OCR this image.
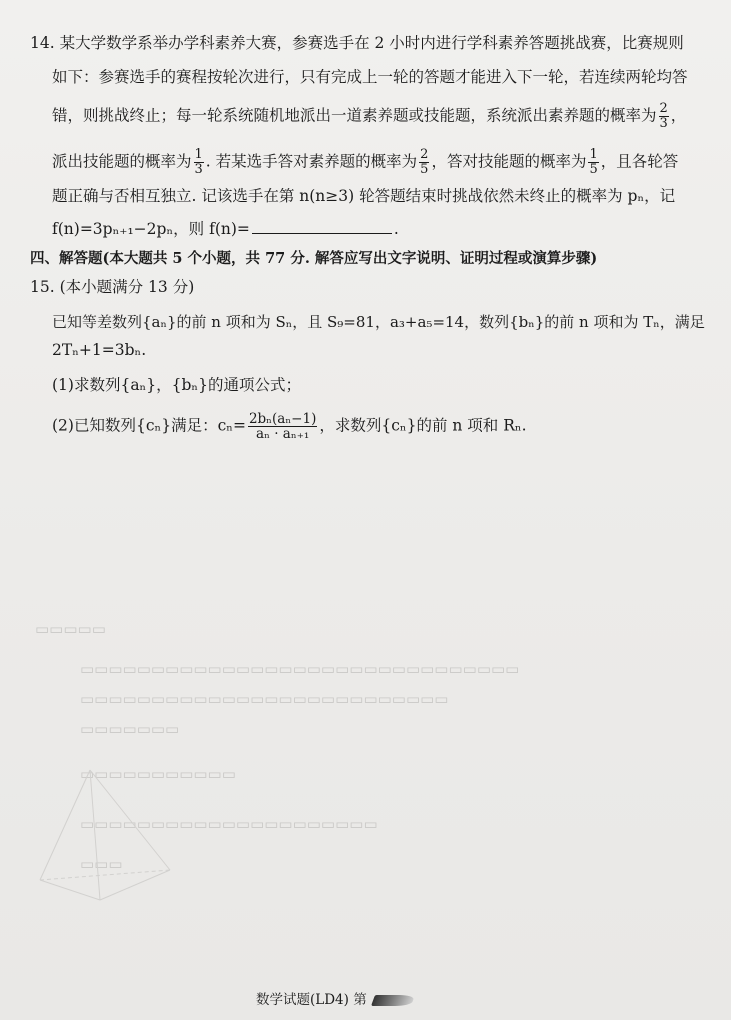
▭▭▭▭▭
▭▭▭▭▭▭▭▭▭▭▭▭▭▭▭▭▭▭▭▭▭▭▭▭▭▭▭▭▭▭▭
▭▭▭▭▭▭▭▭▭▭▭▭▭▭▭▭▭▭▭▭▭▭▭▭▭▭
▭▭▭▭▭▭▭
▭▭▭▭▭▭▭▭▭▭▭
▭▭▭▭▭▭▭▭▭▭▭▭▭▭▭▭▭▭▭▭▭
▭▭▭
14. 某大学数学系举办学科素养大赛，参赛选手在 2 小时内进行学科素养答题挑战赛，比赛规则
如下：参赛选手的赛程按轮次进行，只有完成上一轮的答题才能进入下一轮，若连续两轮均答
错，则挑战终止；每一轮系统随机地派出一道素养题或技能题，系统派出素养题的概率为 $\frac{2}{3}$ ，
派出技能题的概率为 $\frac{1}{3}$ . 若某选手答对素养题的概率为 $\frac{2}{5}$ ，答对技能题的概率为 $\frac{1}{5}$ ，且各轮答
题正确与否相互独立. 记该选手在第 n(n≥3) 轮答题结束时挑战依然未终止的概率为 pₙ，记
f(n)=3pₙ₊₁−2pₙ，则 f(n)=	.
四、解答题(本大题共 5 个小题，共 77 分. 解答应写出文字说明、证明过程或演算步骤)
15. (本小题满分 13 分)
已知等差数列{aₙ}的前 n 项和为 Sₙ，且 S₉=81，a₃+a₅=14，数列{bₙ}的前 n 项和为 Tₙ，满足
2Tₙ+1=3bₙ.
(1)求数列{aₙ}，{bₙ}的通项公式；
(2)已知数列{cₙ}满足：$c_n= \frac{\text{2bₙ(aₙ−1)}}{\text{aₙ · aₙ₊₁}}$ ，求数列{cₙ}的前 n 项和 Rₙ.
数学试题(LD4) 第
